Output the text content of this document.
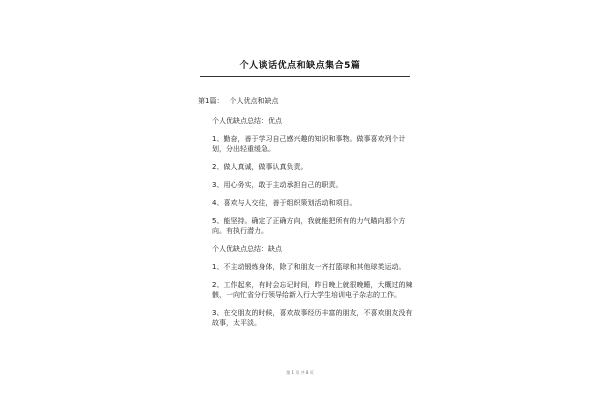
个人谈话优点和缺点集合5篇
第1篇： 个人优点和缺点
个人优缺点总结：优点
1、勤奋，善于学习自己感兴趣的知识和事物。做事喜欢列个计划，分出轻重缓急。
2、做人真诚，做事认真负责。
3、用心务实，敢于主动承担自己的职责。
4、喜欢与人交往，善于组织策划活动和项目。
5、能坚持。确定了正确方向，我就能把所有的力气瞄向那个方向。有执行潜力。
个人优缺点总结：缺点
1、不主动锻炼身体，除了和朋友一齐打篮球和其他球类运动。
2、工作起来，有时会忘记时间，昨日晚上就很晚睡，大概过的辣骸，一向忙省分行领导给新入行大学生培训电子杂志的工作。
3、在交朋友的时候，喜欢故事经历丰富的朋友，不喜欢朋友没有故事，太平淡。
第 1 页 共 8 页
